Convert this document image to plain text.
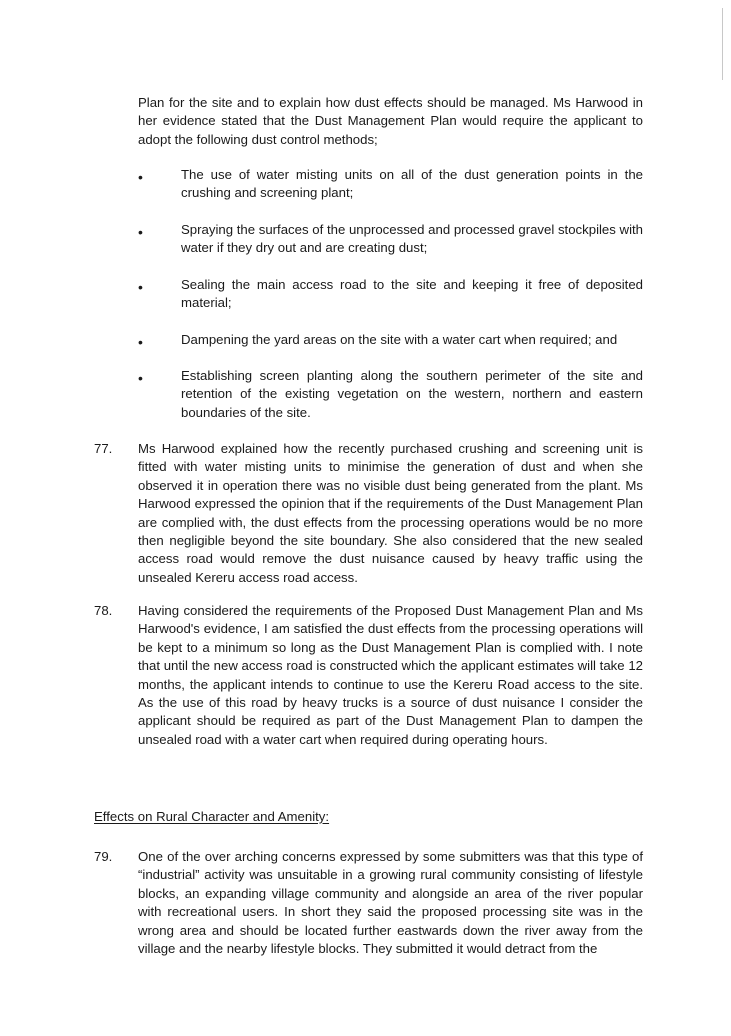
Plan for the site and to explain how dust effects should be managed. Ms Harwood in her evidence stated that the Dust Management Plan would require the applicant to adopt the following dust control methods;

•	The use of water misting units on all of the dust generation points in the crushing and screening plant;

•	Spraying the surfaces of the unprocessed and processed gravel stockpiles with water if they dry out and are creating dust;

•	Sealing the main access road to the site and keeping it free of deposited material;

•	Dampening the yard areas on the site with a water cart when required; and

•	Establishing screen planting along the southern perimeter of the site and retention of the existing vegetation on the western, northern and eastern boundaries of the site.

77. Ms Harwood explained how the recently purchased crushing and screening unit is fitted with water misting units to minimise the generation of dust and when she observed it in operation there was no visible dust being generated from the plant. Ms Harwood expressed the opinion that if the requirements of the Dust Management Plan are complied with, the dust effects from the processing operations would be no more then negligible beyond the site boundary. She also considered that the new sealed access road would remove the dust nuisance caused by heavy traffic using the unsealed Kereru access road access.

78. Having considered the requirements of the Proposed Dust Management Plan and Ms Harwood's evidence, I am satisfied the dust effects from the processing operations will be kept to a minimum so long as the Dust Management Plan is complied with. I note that until the new access road is constructed which the applicant estimates will take 12 months, the applicant intends to continue to use the Kereru Road access to the site. As the use of this road by heavy trucks is a source of dust nuisance I consider the applicant should be required as part of the Dust Management Plan to dampen the unsealed road with a water cart when required during operating hours.

Effects on Rural Character and Amenity:

79. One of the over arching concerns expressed by some submitters was that this type of “industrial” activity was unsuitable in a growing rural community consisting of lifestyle blocks, an expanding village community and alongside an area of the river popular with recreational users. In short they said the proposed processing site was in the wrong area and should be located further eastwards down the river away from the village and the nearby lifestyle blocks. They submitted it would detract from the
